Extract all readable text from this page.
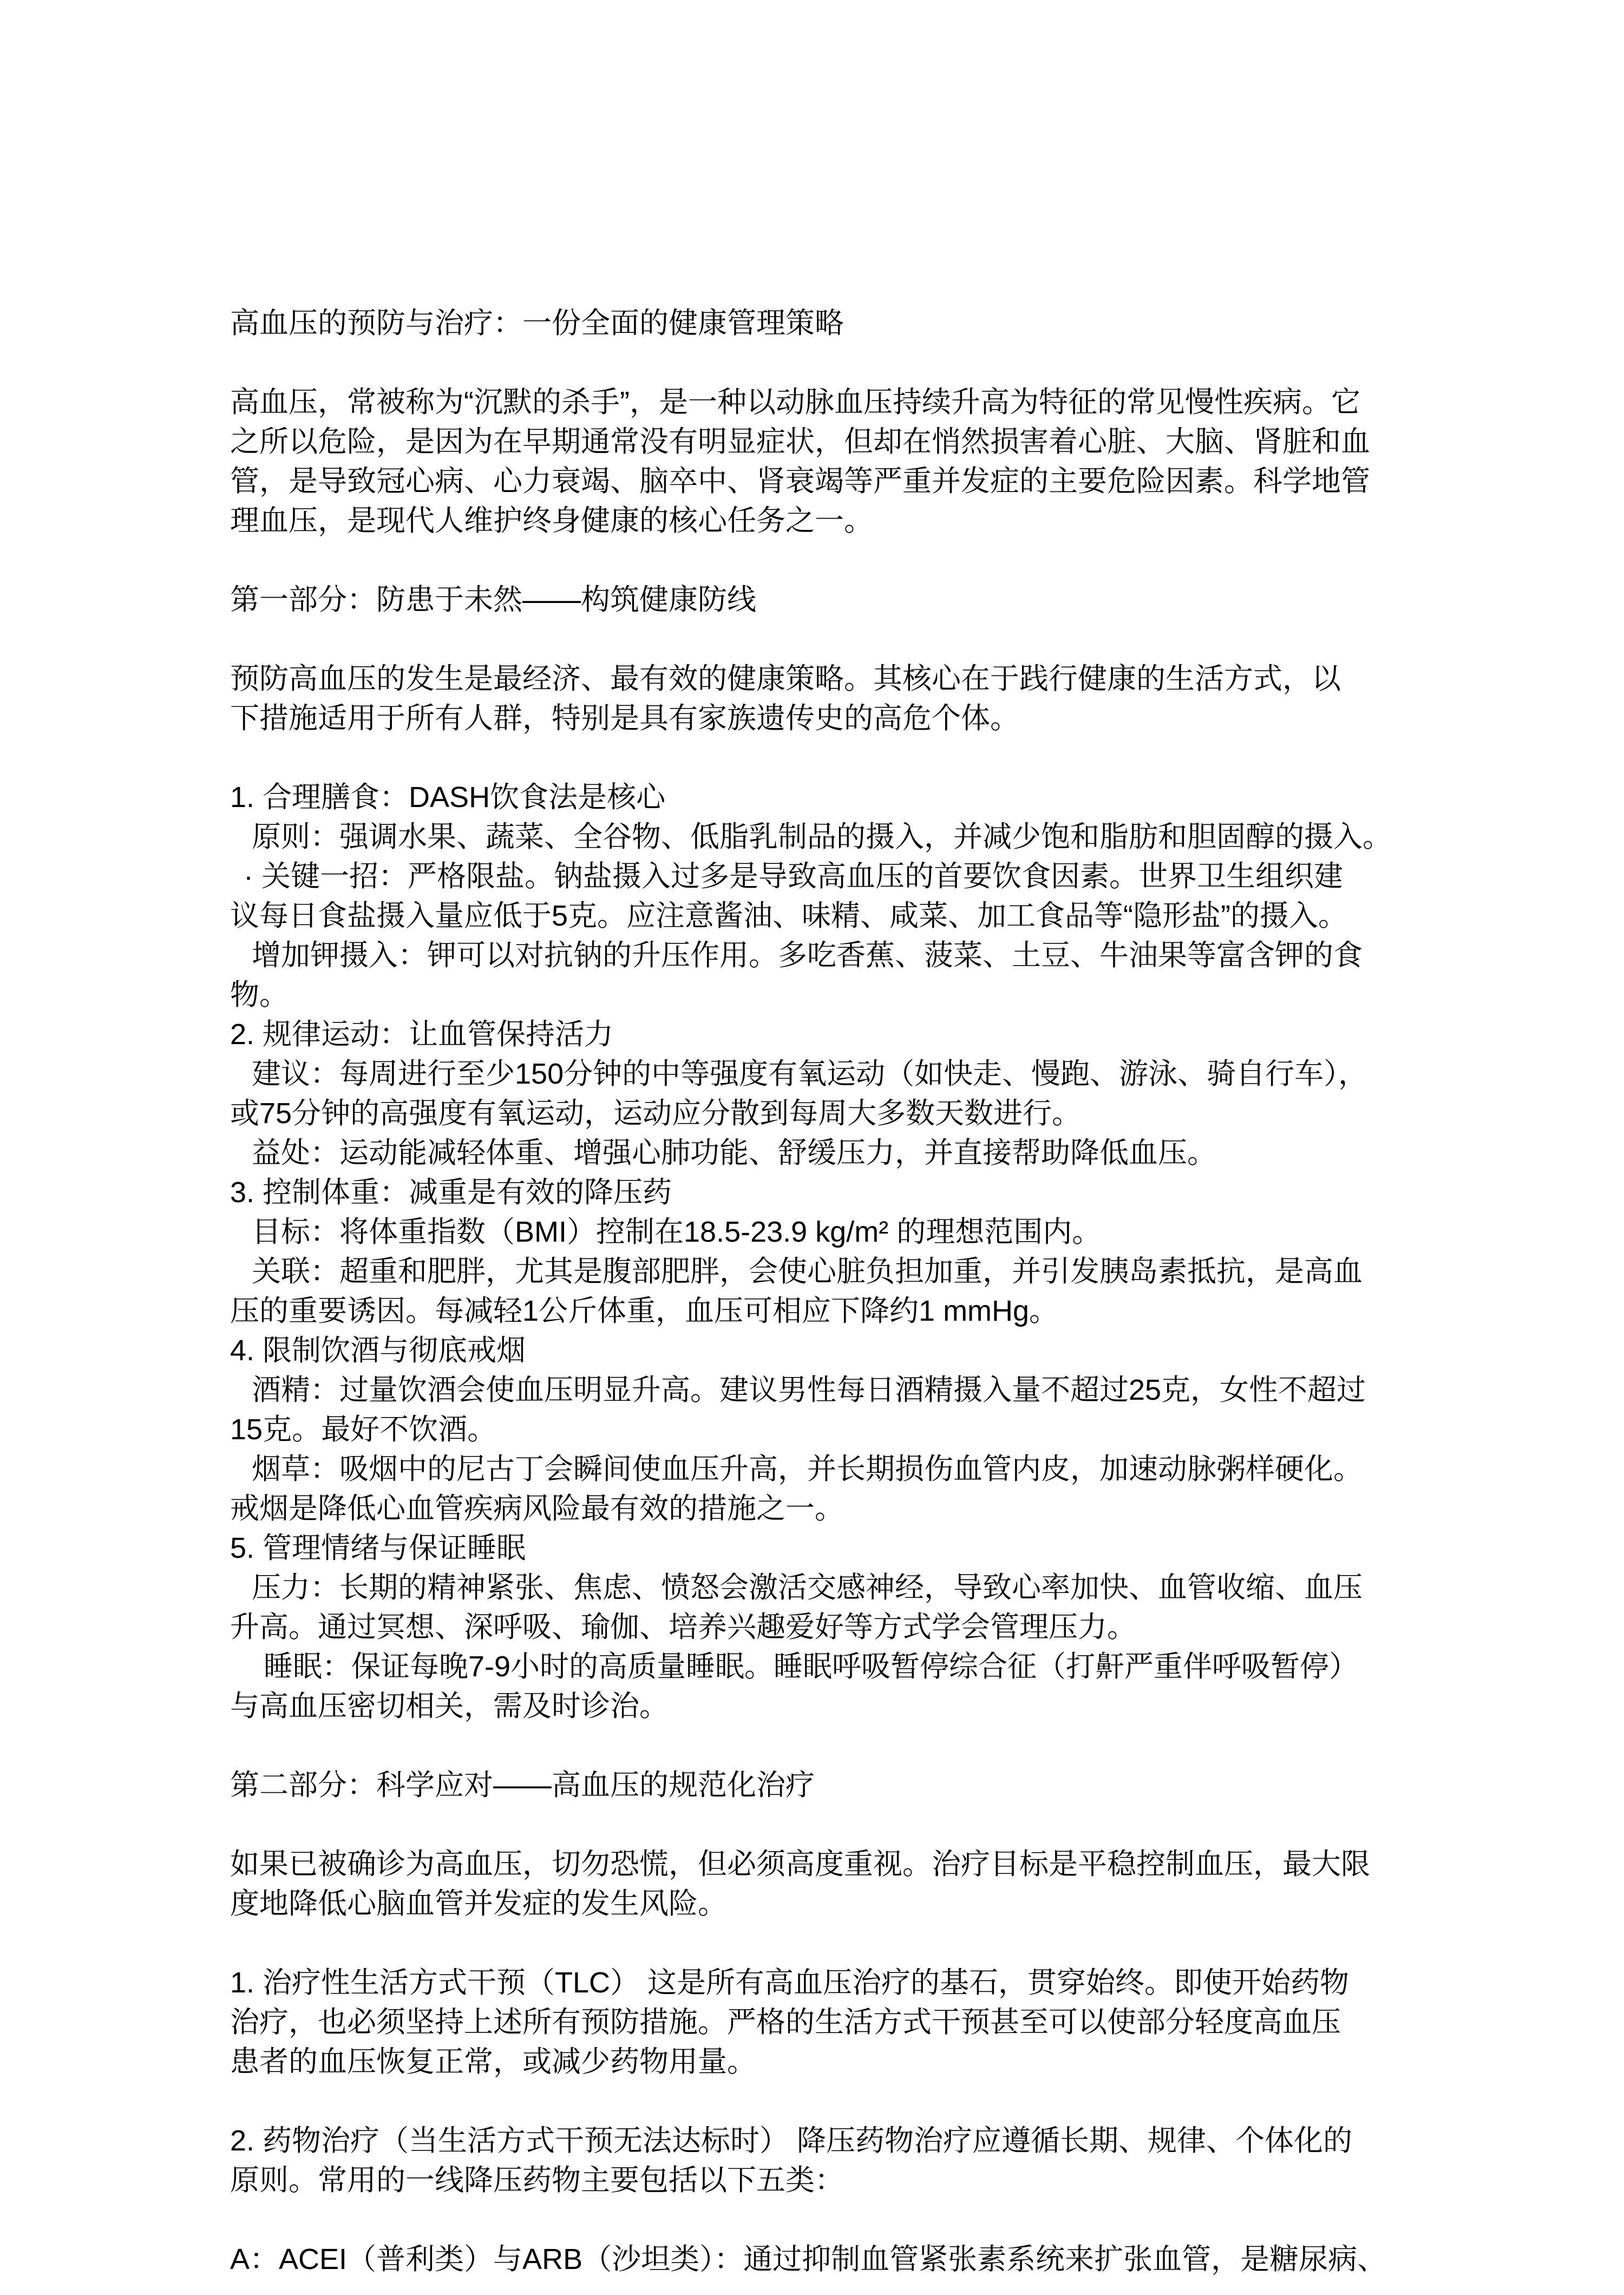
高血压的预防与治疗：一份全面的健康管理策略
高血压，常被称为“沉默的杀手”，是一种以动脉血压持续升高为特征的常见慢性疾病。它
之所以危险，是因为在早期通常没有明显症状，但却在悄然损害着心脏、大脑、肾脏和血
管，是导致冠心病、心力衰竭、脑卒中、肾衰竭等严重并发症的主要危险因素。科学地管
理血压，是现代人维护终身健康的核心任务之一。
第一部分：防患于未然——构筑健康防线
预防高血压的发生是最经济、最有效的健康策略。其核心在于践行健康的生活方式，以
下措施适用于所有人群，特别是具有家族遗传史的高危个体。
1. 合理膳食：DASH饮食法是核心
原则：强调水果、蔬菜、全谷物、低脂乳制品的摄入，并减少饱和脂肪和胆固醇的摄入。
· 关键一招：严格限盐。钠盐摄入过多是导致高血压的首要饮食因素。世界卫生组织建
议每日食盐摄入量应低于5克。应注意酱油、味精、咸菜、加工食品等“隐形盐”的摄入。
增加钾摄入：钾可以对抗钠的升压作用。多吃香蕉、菠菜、土豆、牛油果等富含钾的食
物。
2. 规律运动：让血管保持活力
建议：每周进行至少150分钟的中等强度有氧运动（如快走、慢跑、游泳、骑自行车），
或75分钟的高强度有氧运动，运动应分散到每周大多数天数进行。
益处：运动能减轻体重、增强心肺功能、舒缓压力，并直接帮助降低血压。
3. 控制体重：减重是有效的降压药
目标：将体重指数（BMI）控制在18.5-23.9 kg/m² 的理想范围内。
关联：超重和肥胖，尤其是腹部肥胖，会使心脏负担加重，并引发胰岛素抵抗，是高血
压的重要诱因。每减轻1公斤体重，血压可相应下降约1 mmHg。
4. 限制饮酒与彻底戒烟
酒精：过量饮酒会使血压明显升高。建议男性每日酒精摄入量不超过25克，女性不超过
15克。最好不饮酒。
烟草：吸烟中的尼古丁会瞬间使血压升高，并长期损伤血管内皮，加速动脉粥样硬化。
戒烟是降低心血管疾病风险最有效的措施之一。
5. 管理情绪与保证睡眠
压力：长期的精神紧张、焦虑、愤怒会激活交感神经，导致心率加快、血管收缩、血压
升高。通过冥想、深呼吸、瑜伽、培养兴趣爱好等方式学会管理压力。
睡眠：保证每晚7-9小时的高质量睡眠。睡眠呼吸暂停综合征（打鼾严重伴呼吸暂停）
与高血压密切相关，需及时诊治。
第二部分：科学应对——高血压的规范化治疗
如果已被确诊为高血压，切勿恐慌，但必须高度重视。治疗目标是平稳控制血压，最大限
度地降低心脑血管并发症的发生风险。
1. 治疗性生活方式干预（TLC） 这是所有高血压治疗的基石，贯穿始终。即使开始药物
治疗，也必须坚持上述所有预防措施。严格的生活方式干预甚至可以使部分轻度高血压
患者的血压恢复正常，或减少药物用量。
2. 药物治疗（当生活方式干预无法达标时） 降压药物治疗应遵循长期、规律、个体化的
原则。常用的一线降压药物主要包括以下五类：
A：ACEI（普利类）与ARB（沙坦类）：通过抑制血管紧张素系统来扩张血管，是糖尿病、
